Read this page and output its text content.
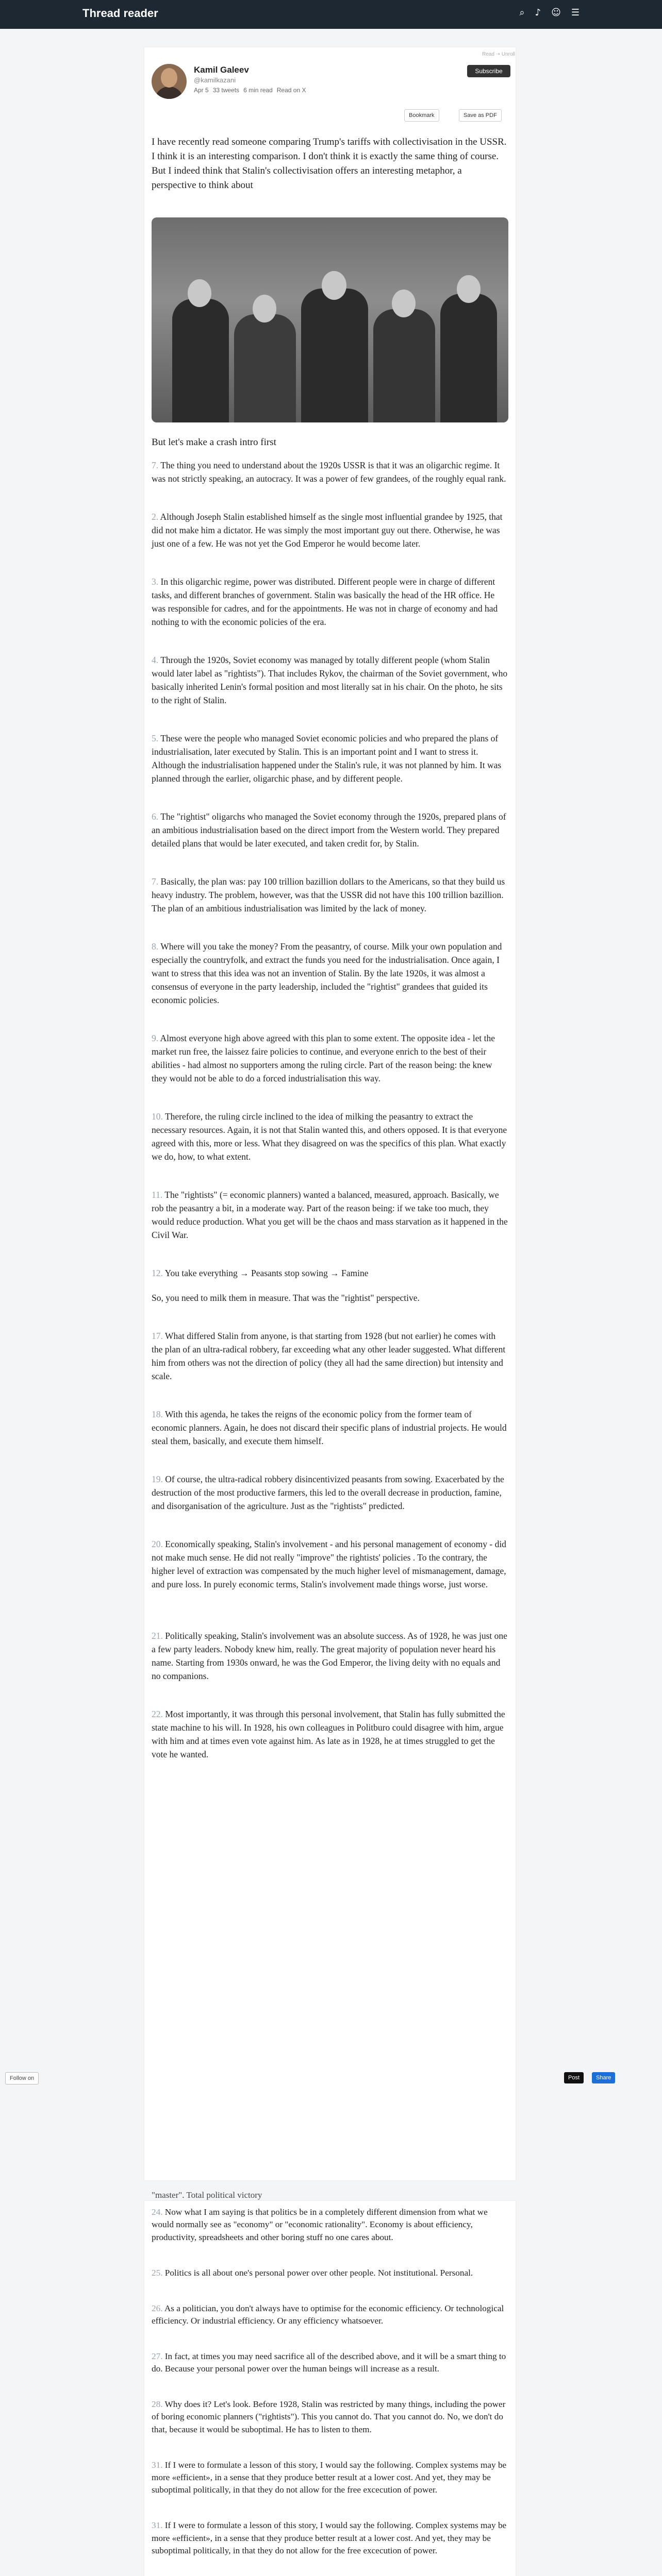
Thread reader	⌕ ♪ ☺ ☰
Read ➝ Unroll
Kamil Galeev
@kamilkazani
Apr 5 33 tweets 6 min read Read on X
Subscribe
Bookmark	Save as PDF
I have recently read someone comparing Trump's tariffs with collectivisation in the USSR. I think it is an interesting comparison. I don't think it is exactly the same thing of course. But I indeed think that Stalin's collectivisation offers an interesting metaphor, a perspective to think about
But let's make a crash intro first
7. The thing you need to understand about the 1920s USSR is that it was an oligarchic regime. It was not strictly speaking, an autocracy. It was a power of few grandees, of the roughly equal rank.
2. Although Joseph Stalin established himself as the single most influential grandee by 1925, that did not make him a dictator. He was simply the most important guy out there. Otherwise, he was just one of a few. He was not yet the God Emperor he would become later.
3. In this oligarchic regime, power was distributed. Different people were in charge of different tasks, and different branches of government. Stalin was basically the head of the HR office. He was responsible for cadres, and for the appointments. He was not in charge of economy and had nothing to with the economic policies of the era.
4. Through the 1920s, Soviet economy was managed by totally different people (whom Stalin would later label as "rightists"). That includes Rykov, the chairman of the Soviet government, who basically inherited Lenin's formal position and most literally sat in his chair. On the photo, he sits to the right of Stalin.
5. These were the people who managed Soviet economic policies and who prepared the plans of industrialisation, later executed by Stalin. This is an important point and I want to stress it. Although the industrialisation happened under the Stalin's rule, it was not planned by him. It was planned through the earlier, oligarchic phase, and by different people.
6. The "rightist" oligarchs who managed the Soviet economy through the 1920s, prepared plans of an ambitious industrialisation based on the direct import from the Western world. They prepared detailed plans that would be later executed, and taken credit for, by Stalin.
7. Basically, the plan was: pay 100 trillion bazillion dollars to the Americans, so that they build us heavy industry. The problem, however, was that the USSR did not have this 100 trillion bazillion. The plan of an ambitious industrialisation was limited by the lack of money.
8. Where will you take the money? From the peasantry, of course. Milk your own population and especially the countryfolk, and extract the funds you need for the industrialisation. Once again, I want to stress that this idea was not an invention of Stalin. By the late 1920s, it was almost a consensus of everyone in the party leadership, included the "rightist" grandees that guided its economic policies.
9. Almost everyone high above agreed with this plan to some extent. The opposite idea - let the market run free, the laissez faire policies to continue, and everyone enrich to the best of their abilities - had almost no supporters among the ruling circle. Part of the reason being: the knew they would not be able to do a forced industrialisation this way.
10. Therefore, the ruling circle inclined to the idea of milking the peasantry to extract the necessary resources. Again, it is not that Stalin wanted this, and others opposed. It is that everyone agreed with this, more or less. What they disagreed on was the specifics of this plan. What exactly we do, how, to what extent.
11. The "rightists" (= economic planners) wanted a balanced, measured, approach. Basically, we rob the peasantry a bit, in a moderate way. Part of the reason being: if we take too much, they would reduce production. What you get will be the chaos and mass starvation as it happened in the Civil War.
12. You take everything → Peasants stop sowing → Famine
So, you need to milk them in measure. That was the "rightist" perspective.
17. What differed Stalin from anyone, is that starting from 1928 (but not earlier) he comes with the plan of an ultra-radical robbery, far exceeding what any other leader suggested. What different him from others was not the direction of policy (they all had the same direction) but intensity and scale.
18. With this agenda, he takes the reigns of the economic policy from the former team of economic planners. Again, he does not discard their specific plans of industrial projects. He would steal them, basically, and execute them himself.
19. Of course, the ultra-radical robbery disincentivized peasants from sowing. Exacerbated by the destruction of the most productive farmers, this led to the overall decrease in production, famine, and disorganisation of the agriculture. Just as the "rightists" predicted.
20. Economically speaking, Stalin's involvement - and his personal management of economy - did not make much sense. He did not really "improve" the rightists' policies . To the contrary, the higher level of extraction was compensated by the much higher level of mismanagement, damage, and pure loss. In purely economic terms, Stalin's involvement made things worse, just worse.
21. Politically speaking, Stalin's involvement was an absolute success. As of 1928, he was just one a few party leaders. Nobody knew him, really. The great majority of population never heard his name. Starting from 1930s onward, he was the God Emperor, the living deity with no equals and no companions.
22. Most importantly, it was through this personal involvement, that Stalin has fully submitted the state machine to his will. In 1928, his own colleagues in Politburo could disagree with him, argue with him and at times even vote against him. As late as in 1928, he at times struggled to get the vote he wanted.
"master". Total political victory
24. Now what I am saying is that politics be in a completely different dimension from what we would normally see as "economy" or "economic rationality". Economy is about efficiency, productivity, spreadsheets and other boring stuff no one cares about.
25. Politics is all about one's personal power over other people. Not institutional. Personal.
26. As a politician, you don't always have to optimise for the economic efficiency. Or technological efficiency. Or industrial efficiency. Or any efficiency whatsoever.
27. In fact, at times you may need sacrifice all of the described above, and it will be a smart thing to do. Because your personal power over the human beings will increase as a result.
28. Why does it? Let's look. Before 1928, Stalin was restricted by many things, including the power of boring economic planners ("rightists"). This you cannot do. That you cannot do. No, we don't do that, because it would be suboptimal. He has to listen to them.
31. If I were to formulate a lesson of this story, I would say the following. Complex systems may be more «efficient», in a sense that they produce better result at a lower cost. And yet, they may be suboptimal politically, in that they do not allow for the free excecution of power.
31. If I were to formulate a lesson of this story, I would say the following. Complex systems may be more «efficient», in a sense that they produce better result at a lower cost. And yet, they may be suboptimal politically, in that they do not allow for the free excecution of power.
Follow on	Post	Share
